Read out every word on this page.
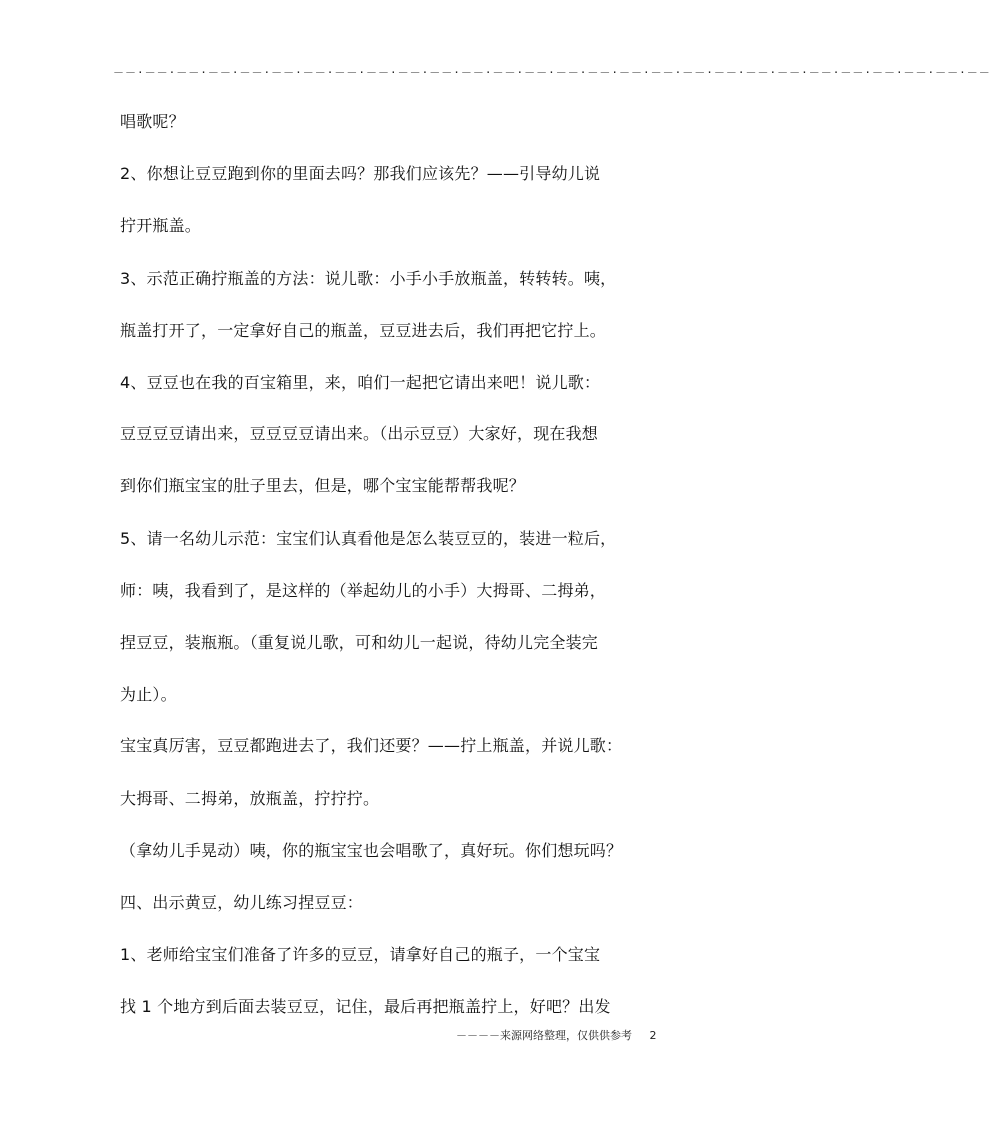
－－·－－·－－·－－·－－·－－·－－·－－·－－·－－·－－·－－·－－·－－·－－·－－·－－·－－·－－·－－·－－·－－·－－·－－·－－·－－·－－·－－
唱歌呢？
2、你想让豆豆跑到你的里面去吗？那我们应该先？——引导幼儿说
拧开瓶盖。
3、示范正确拧瓶盖的方法：说儿歌：小手小手放瓶盖，转转转。咦，
瓶盖打开了，一定拿好自己的瓶盖，豆豆进去后，我们再把它拧上。
4、豆豆也在我的百宝箱里，来，咱们一起把它请出来吧！说儿歌：
豆豆豆豆请出来，豆豆豆豆请出来。（出示豆豆）大家好，现在我想
到你们瓶宝宝的肚子里去，但是，哪个宝宝能帮帮我呢？
5、请一名幼儿示范：宝宝们认真看他是怎么装豆豆的，装进一粒后，
师：咦，我看到了，是这样的（举起幼儿的小手）大拇哥、二拇弟，
捏豆豆，装瓶瓶。（重复说儿歌，可和幼儿一起说，待幼儿完全装完
为止）。
宝宝真厉害，豆豆都跑进去了，我们还要？——拧上瓶盖，并说儿歌：
大拇哥、二拇弟，放瓶盖，拧拧拧。
（拿幼儿手晃动）咦，你的瓶宝宝也会唱歌了，真好玩。你们想玩吗？
四、出示黄豆，幼儿练习捏豆豆：
1、老师给宝宝们准备了许多的豆豆，请拿好自己的瓶子，一个宝宝
找 1 个地方到后面去装豆豆，记住，最后再把瓶盖拧上，好吧？出发
－－－－来源网络整理，仅供供参考 2
